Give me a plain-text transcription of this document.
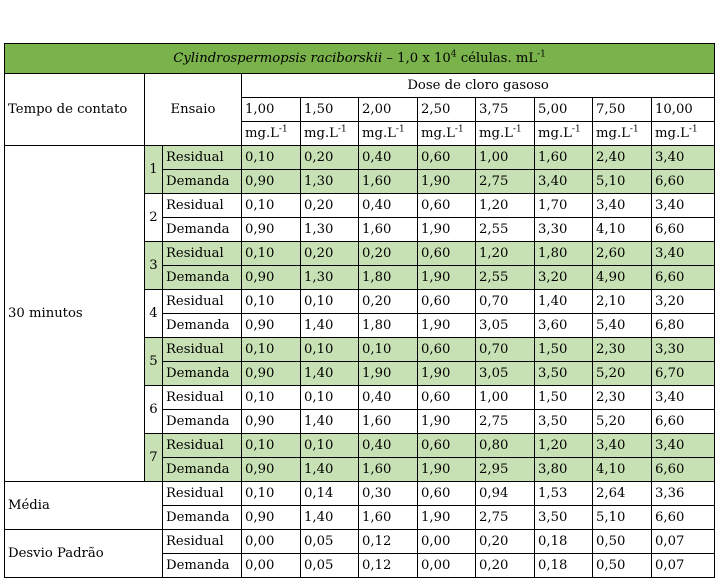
Cylindrospermopsis raciborskii – 1,0 x $10^4$ células. $mL^{-1}$
Tempo de contato	Ensaio		Dose de cloro gasoso							
			1,00	1,50	2,00	2,50	3,75	5,00	7,50	10,00
			$mg.L^{-1}$	$mg.L^{-1}$	$mg.L^{-1}$	$mg.L^{-1}$	$mg.L^{-1}$	$mg.L^{-1}$	$mg.L^{-1}$	$mg.L^{-1}$
30 minutos	1	Residual	0,10	0,20	0,40	0,60	1,00	1,60	2,40	3,40
		Demanda	0,90	1,30	1,60	1,90	2,75	3,40	5,10	6,60
	2	Residual	0,10	0,20	0,40	0,60	1,20	1,70	3,40	3,40
		Demanda	0,90	1,30	1,60	1,90	2,55	3,30	4,10	6,60
	3	Residual	0,10	0,20	0,20	0,60	1,20	1,80	2,60	3,40
		Demanda	0,90	1,30	1,80	1,90	2,55	3,20	4,90	6,60
	4	Residual	0,10	0,10	0,20	0,60	0,70	1,40	2,10	3,20
		Demanda	0,90	1,40	1,80	1,90	3,05	3,60	5,40	6,80
	5	Residual	0,10	0,10	0,10	0,60	0,70	1,50	2,30	3,30
		Demanda	0,90	1,40	1,90	1,90	3,05	3,50	5,20	6,70
	6	Residual	0,10	0,10	0,40	0,60	1,00	1,50	2,30	3,40
		Demanda	0,90	1,40	1,60	1,90	2,75	3,50	5,20	6,60
	7	Residual	0,10	0,10	0,40	0,60	0,80	1,20	3,40	3,40
		Demanda	0,90	1,40	1,60	1,90	2,95	3,80	4,10	6,60
Média		Residual	0,10	0,14	0,30	0,60	0,94	1,53	2,64	3,36
		Demanda	0,90	1,40	1,60	1,90	2,75	3,50	5,10	6,60
Desvio Padrão		Residual	0,00	0,05	0,12	0,00	0,20	0,18	0,50	0,07
		Demanda	0,00	0,05	0,12	0,00	0,20	0,18	0,50	0,07
